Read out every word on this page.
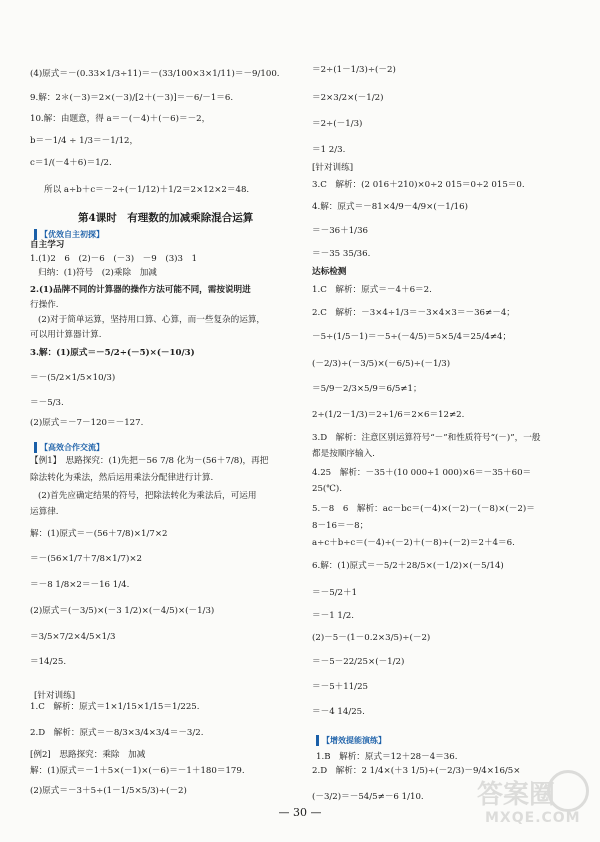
(4)原式＝－(0.33×1/3÷11)＝－(33/100×3×1/11)＝－9/100.
9.解：2＊(－3)＝2×(－3)/[2＋(－3)]＝－6/－1＝6.
10.解：由题意，得 a＝－(－4)＋(－6)＝－2，
b＝－1/4 ÷ 1/3＝－1/12，
c＝1/(－4＋6)＝1/2.
所以 a÷b＋c＝－2÷(－1/12)＋1/2＝2×12×2＝48.
自主学习
1.(1)2　6　(2)－6　(－3)　－9　(3)3　1
归纳：(1)符号　(2)乘除　加减
2.(1)品牌不同的计算器的操作方法可能不同，需按说明进
行操作.
(2)对于简单运算，坚持用口算、心算，而一些复杂的运算，
可以用计算器计算.
3.解：(1)原式＝－5/2÷(－5)×(－10/3)
＝－(5/2×1/5×10/3)
＝－5/3.
(2)原式＝－7－120＝－127.
【例1】　思路探究：(1)先把－56 7/8 化为－(56＋7/8)，再把
除法转化为乘法，然后运用乘法分配律进行计算.
(2)首先应确定结果的符号，把除法转化为乘法后，可运用
运算律.
解：(1)原式＝－(56＋7/8)×1/7×2
＝－(56×1/7＋7/8×1/7)×2
＝－8 1/8×2＝－16 1/4.
(2)原式＝(－3/5)×(－3 1/2)×(－4/5)×(－1/3)
＝3/5×7/2×4/5×1/3
＝14/25.
1.C　解析：原式＝1×1/15×1/15＝1/225.
2.D　解析：原式＝－8/3×3/4×3/4＝－3/2.
[例2]　思路探究：乘除　加减
解：(1)原式＝－1＋5×(－1)×(－6)＝－1＋180＝179.
(2)原式＝－3＋5÷(1－1/5×5/3)÷(－2)
＝2÷(1－1/3)÷(－2)
＝2×3/2×(－1/2)
＝2÷(－1/3)
＝1 2/3.
[针对训练]
3.C　解析：(2 016＋210)×0÷2 015＝0÷2 015＝0.
4.解：原式＝－81×4/9－4/9×(－1/16)
＝－36＋1/36
＝－35 35/36.
达标检测
1.C　解析：原式＝－4＋6＝2.
2.C　解析：－3×4÷1/3＝－3×4×3＝－36≠－4；
－5÷(1/5－1)＝－5÷(－4/5)＝5×5/4＝25/4≠4；
(－2/3)÷(－3/5)×(－6/5)÷(－1/3)
＝5/9－2/3×5/9＝6/5≠1；
2÷(1/2－1/3)＝2÷1/6＝2×6＝12≠2.
3.D　解析：注意区别运算符号“－”和性质符号“(－)”，一般
都是按顺序输入.
4.25　解析：－35＋(10 000÷1 000)×6＝－35＋60＝
25(℃).
5.－8　6　解析：ac－bc＝(－4)×(－2)－(－8)×(－2)＝
8－16＝－8；
a÷c＋b÷c＝(－4)÷(－2)＋(－8)÷(－2)＝2＋4＝6.
6.解：(1)原式＝－5/2＋28/5×(－1/2)×(－5/14)
＝－5/2＋1
＝－1 1/2.
(2)－5－(1－0.2×3/5)÷(－2)
＝－5－22/25×(－1/2)
＝－5＋11/25
＝－4 14/25.
2.D　解析：2 1/4×(＋3 1/5)÷(－2/3)－9/4×16/5×
(－3/2)＝－54/5≠－6 1/10.
第4课时　有理数的加减乘除混合运算
【优效自主初探】
【高效合作交流】
[针对训练]
【增效提能演练】
1.B　解析：原式＝12＋28－4＝36.
— 30 —
答案圈
MXQE.COM
